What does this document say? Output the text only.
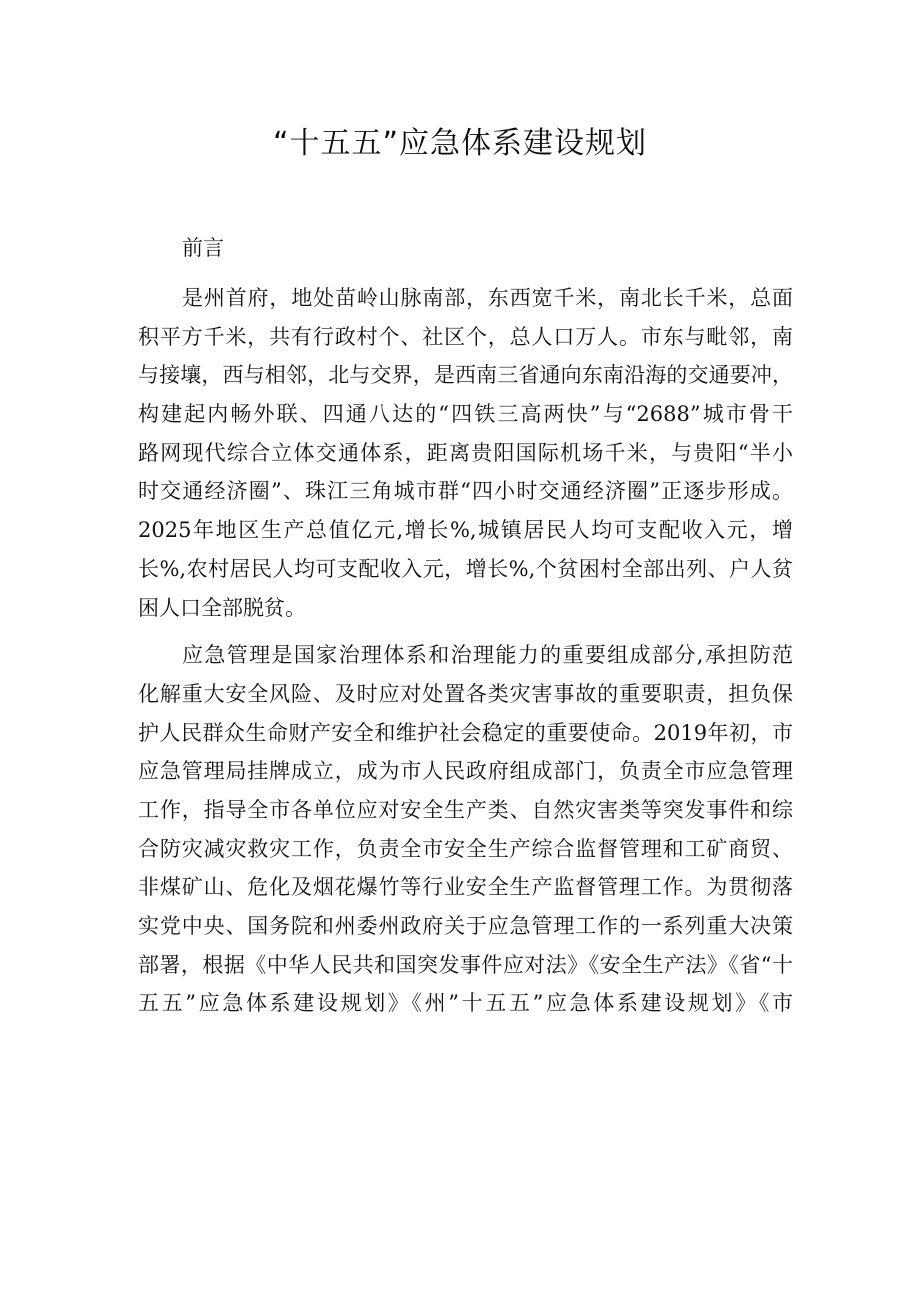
“十五五”应急体系建设规划
前言
是州首府，地处苗岭山脉南部，东西宽千米，南北长千米，总面
积平方千米，共有行政村个、社区个，总人口万人。市东与毗邻，南
与接壤，西与相邻，北与交界，是西南三省通向东南沿海的交通要冲，
构建起内畅外联、四通八达的“四铁三高两快”与“2688”城市骨干
路网现代综合立体交通体系，距离贵阳国际机场千米，与贵阳“半小
时交通经济圈”、珠江三角城市群“四小时交通经济圈”正逐步形成。
2025年地区生产总值亿元,增长%,城镇居民人均可支配收入元，增
长%,农村居民人均可支配收入元，增长%,个贫困村全部出列、户人贫
困人口全部脱贫。
应急管理是国家治理体系和治理能力的重要组成部分,承担防范
化解重大安全风险、及时应对处置各类灾害事故的重要职责，担负保
护人民群众生命财产安全和维护社会稳定的重要使命。2019年初，市
应急管理局挂牌成立，成为市人民政府组成部门，负责全市应急管理
工作，指导全市各单位应对安全生产类、自然灾害类等突发事件和综
合防灾减灾救灾工作，负责全市安全生产综合监督管理和工矿商贸、
非煤矿山、危化及烟花爆竹等行业安全生产监督管理工作。为贯彻落
实党中央、国务院和州委州政府关于应急管理工作的一系列重大决策
部署，根据《中华人民共和国突发事件应对法》《安全生产法》《省“十
五五”应急体系建设规划》《州”十五五”应急体系建设规划》《市
